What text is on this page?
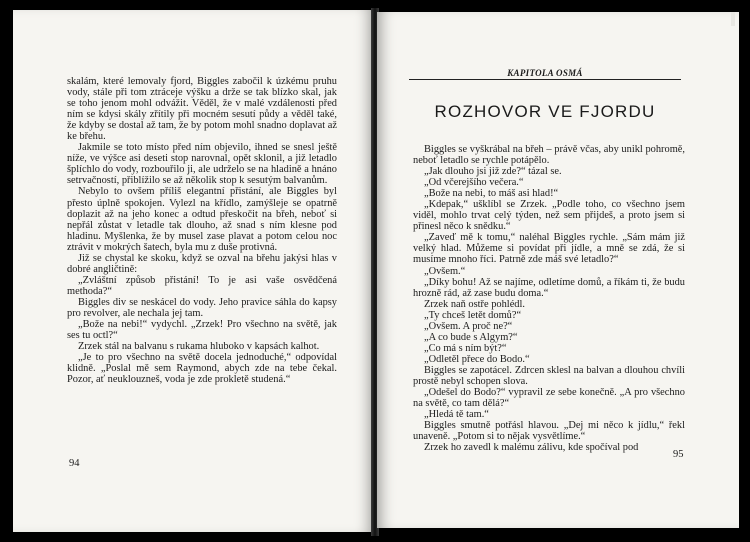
skalám, které lemovaly fjord, Biggles zabočil k úzkému pruhu vody, stále při tom ztráceje výšku a drže se tak blízko skal, jak se toho jenom mohl odvážit. Věděl, že v malé vzdálenosti před ním se kdysi skály zřítily při mocném sesutí půdy a věděl také, že kdyby se dostal až tam, že by potom mohl snadno doplavat až ke břehu.

Jakmile se toto místo před ním objevilo, ihned se snesl ještě níže, ve výšce asi deseti stop narovnal, opět sklonil, a již letadlo šplíchlo do vody, rozbouřilo ji, ale udrželo se na hladině a hnáno setrvačností, přiblížilo se až několik stop k sesutým balvanům.

Nebylo to ovšem příliš elegantní přistání, ale Biggles byl přesto úplně spokojen. Vylezl na křídlo, zamýšleje se opatrně doplazit až na jeho konec a odtud přeskočit na břeh, neboť si nepřál zůstat v letadle tak dlouho, až snad s ním klesne pod hladinu. Myšlenka, že by musel zase plavat a potom celou noc ztrávit v mokrých šatech, byla mu z duše protivná.

Již se chystal ke skoku, když se ozval na břehu jakýsi hlas v dobré angličtině:

„Zvláštní způsob přistání! To je asi vaše osvědčená methoda?“

Biggles div se neskácel do vody. Jeho pravice sáhla do kapsy pro revolver, ale nechala jej tam.

„Bože na nebi!“ vydychl. „Zrzek! Pro všechno na světě, jak ses tu octl?“

Zrzek stál na balvanu s rukama hluboko v kapsách kalhot.

„Je to pro všechno na světě docela jednoduché,“ odpovídal klidně. „Poslal mě sem Raymond, abych zde na tebe čekal. Pozor, ať neuklouzneš, voda je zde prokletě studená.“

94
KAPITOLA OSMÁ
ROZHOVOR VE FJORDU

Biggles se vyškrábal na břeh – právě včas, aby unikl pohromě, neboť letadlo se rychle potápělo.

„Jak dlouho jsi již zde?“ tázal se.

„Od včerejšího večera.“

„Bože na nebi, to máš asi hlad!“

„Kdepak,“ ušklíbl se Zrzek. „Podle toho, co všechno jsem viděl, mohlo trvat celý týden, než sem přijdeš, a proto jsem si přinesl něco k snědku.“

„Zaveď mě k tomu,“ naléhal Biggles rychle. „Sám mám již velký hlad. Můžeme si povídat při jídle, a mně se zdá, že si musíme mnoho říci. Patrně zde máš své letadlo?“

„Ovšem.“

„Díky bohu! Až se najíme, odletíme domů, a říkám ti, že budu hrozně rád, až zase budu doma.“

Zrzek naň ostře pohlédl.

„Ty chceš letět domů?“

„Ovšem. A proč ne?“

„A co bude s Algym?“

„Co má s ním být?“

„Odletěl přece do Bodo.“

Biggles se zapotácel. Zdrcen sklesl na balvan a dlouhou chvíli prostě nebyl schopen slova.

„Odešel do Bodo?“ vypravil ze sebe konečně. „A pro všechno na světě, co tam dělá?“

„Hledá tě tam.“

Biggles smutně potřásl hlavou. „Dej mi něco k jídlu,“ řekl unaveně. „Potom si to nějak vysvětlíme.“

Zrzek ho zavedl k malému zálivu, kde spočíval pod

95
